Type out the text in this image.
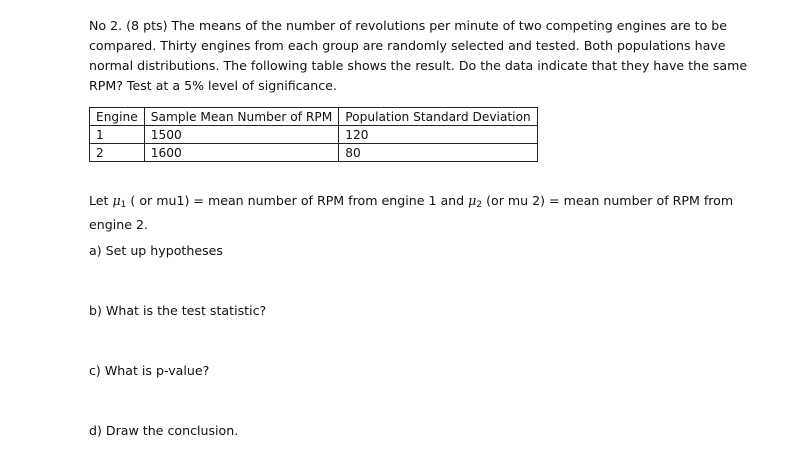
No 2. (8 pts) The means of the number of revolutions per minute of two competing engines are to be
compared. Thirty engines from each group are randomly selected and tested. Both populations have
normal distributions. The following table shows the result. Do the data indicate that they have the same
RPM? Test at a 5% level of significance.
Engine	Sample Mean Number of RPM	Population Standard Deviation
1	1500	120
2	1600	80
Let $\mu_1$ ( or mu1) = mean number of RPM from engine 1 and $\mu_2$ (or mu 2) = mean number of RPM from
engine 2.
a) Set up hypotheses
b) What is the test statistic?
c) What is p-value?
d) Draw the conclusion.
